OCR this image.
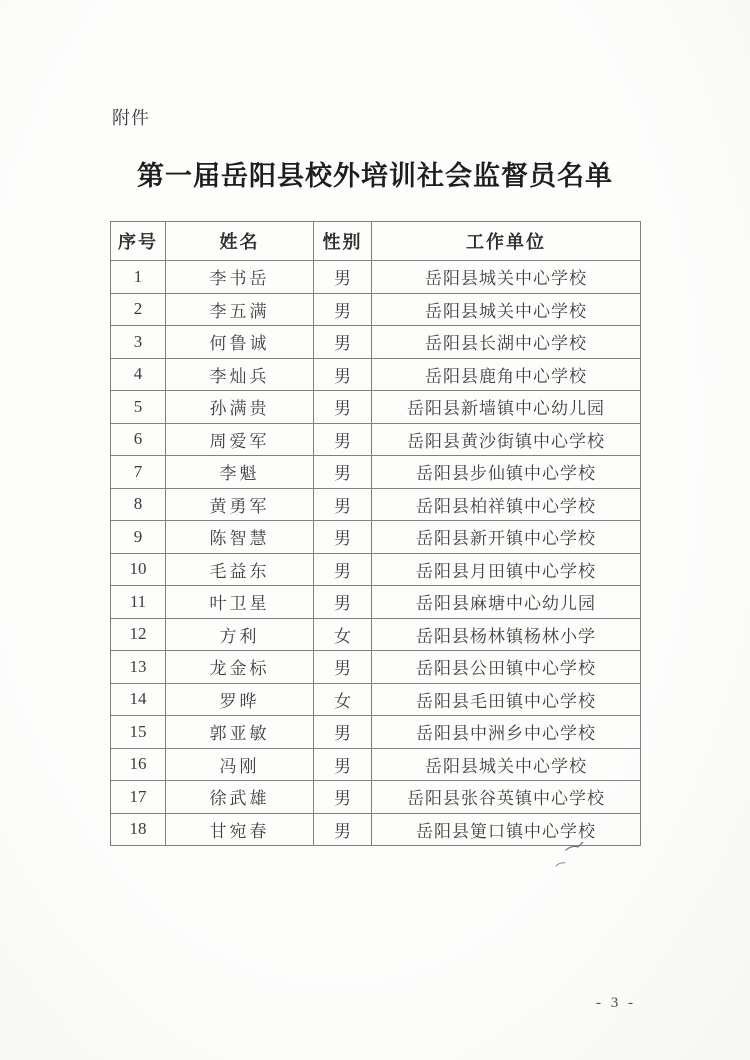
附件
第一届岳阳县校外培训社会监督员名单
序号	姓名	性别	工作单位
1	李书岳	男	岳阳县城关中心学校
2	李五满	男	岳阳县城关中心学校
3	何鲁诚	男	岳阳县长湖中心学校
4	李灿兵	男	岳阳县鹿角中心学校
5	孙满贵	男	岳阳县新墙镇中心幼儿园
6	周爱军	男	岳阳县黄沙街镇中心学校
7	李魁	男	岳阳县步仙镇中心学校
8	黄勇军	男	岳阳县柏祥镇中心学校
9	陈智慧	男	岳阳县新开镇中心学校
10	毛益东	男	岳阳县月田镇中心学校
11	叶卫星	男	岳阳县麻塘中心幼儿园
12	方利	女	岳阳县杨林镇杨林小学
13	龙金标	男	岳阳县公田镇中心学校
14	罗晔	女	岳阳县毛田镇中心学校
15	郭亚敏	男	岳阳县中洲乡中心学校
16	冯刚	男	岳阳县城关中心学校
17	徐武雄	男	岳阳县张谷英镇中心学校
18	甘宛春	男	岳阳县筻口镇中心学校
- 3 -
